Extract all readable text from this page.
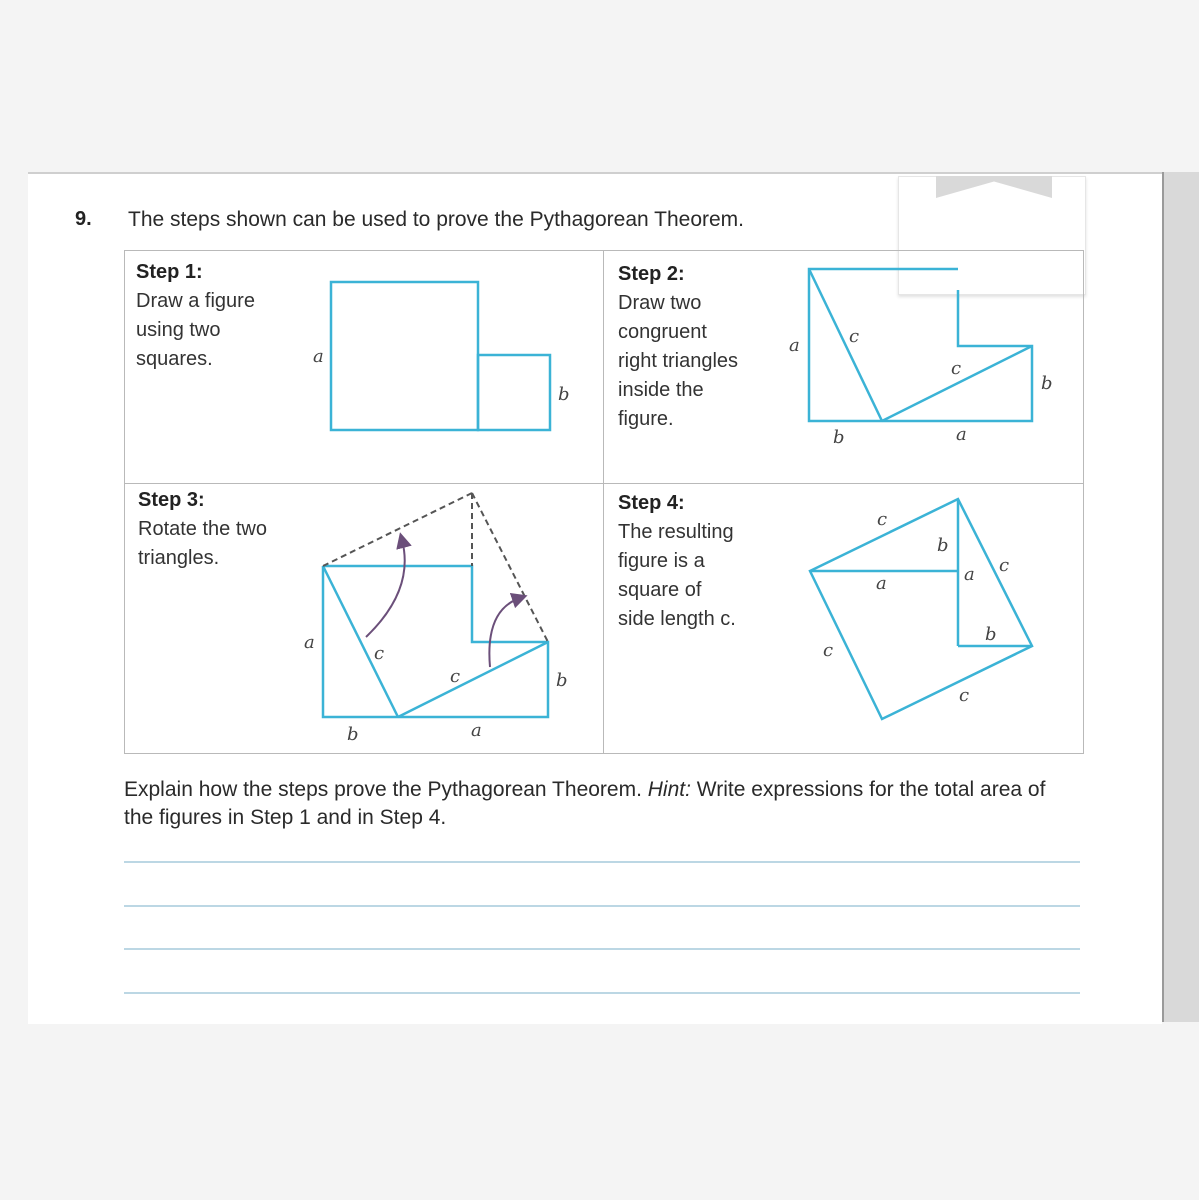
9. The steps shown can be used to prove the Pythagorean Theorem.
Step 1:
Draw a figure
using two
squares.
Step 2:
Draw two
congruent
right triangles
inside the
figure.
Step 3:
Rotate the two
triangles.
Step 4:
The resulting
figure is a
square of
side length c.
a
b
a	c
c
b
b	a
a
c
c	b
b	a
c
b
c
a	a
b
c
c
Explain how the steps prove the Pythagorean Theorem. Hint: Write expressions for the total area of the figures in Step 1 and in Step 4.
